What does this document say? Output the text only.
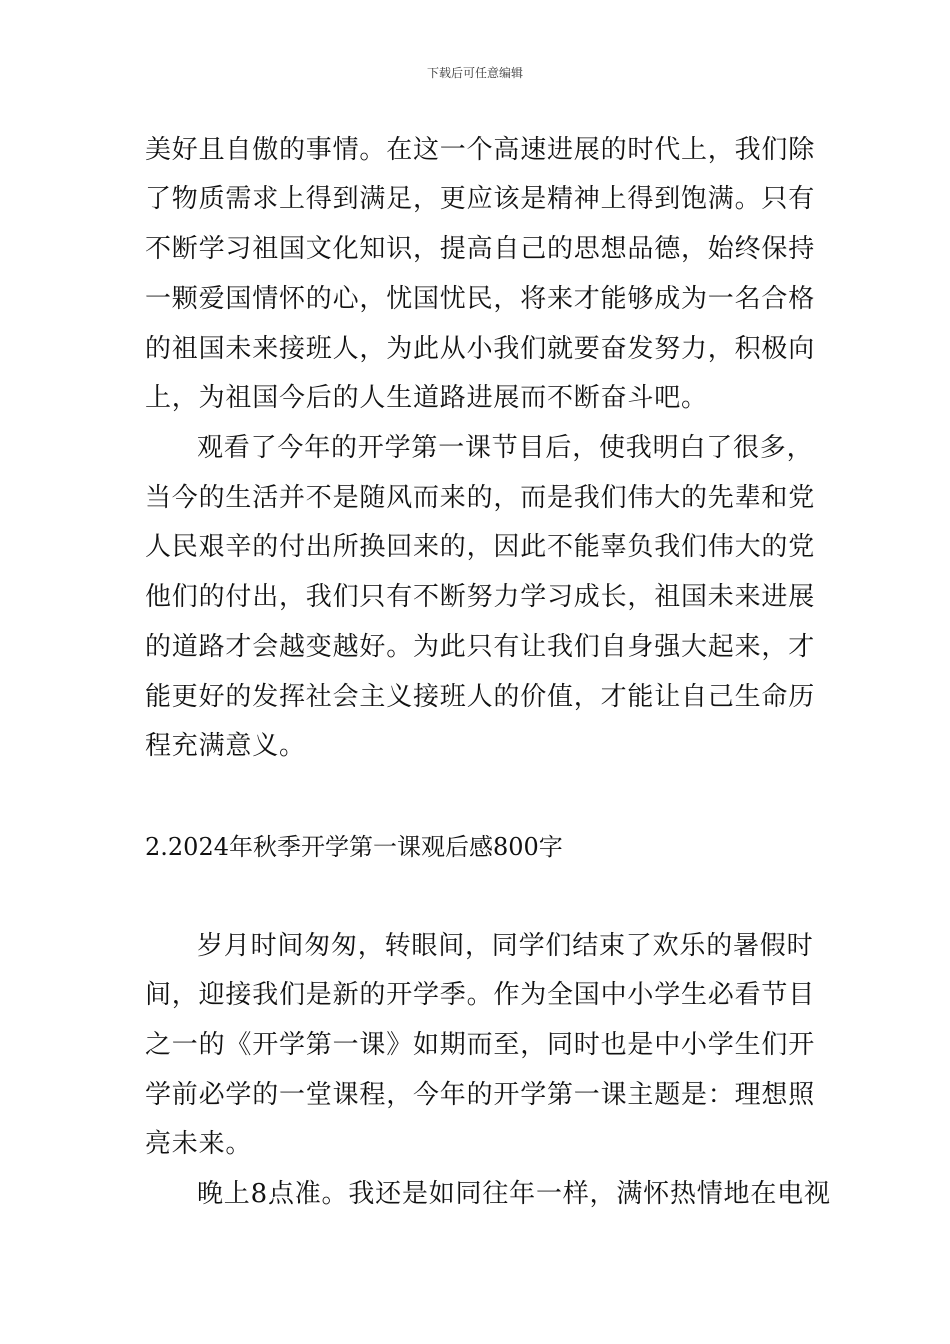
下载后可任意编辑
美好且自傲的事情。在这一个高速进展的时代上，我们除
了物质需求上得到满足，更应该是精神上得到饱满。只有
不断学习祖国文化知识，提高自己的思想品德，始终保持
一颗爱国情怀的心，忧国忧民，将来才能够成为一名合格
的祖国未来接班人，为此从小我们就要奋发努力，积极向
上，为祖国今后的人生道路进展而不断奋斗吧。
观看了今年的开学第一课节目后，使我明白了很多，
当今的生活并不是随风而来的，而是我们伟大的先辈和党
人民艰辛的付出所换回来的，因此不能辜负我们伟大的党
他们的付出，我们只有不断努力学习成长，祖国未来进展
的道路才会越变越好。为此只有让我们自身强大起来，才
能更好的发挥社会主义接班人的价值，才能让自己生命历
程充满意义。
2.2024年秋季开学第一课观后感800字
岁月时间匆匆，转眼间，同学们结束了欢乐的暑假时
间，迎接我们是新的开学季。作为全国中小学生必看节目
之一的《开学第一课》如期而至，同时也是中小学生们开
学前必学的一堂课程，今年的开学第一课主题是：理想照
亮未来。
晚上8点准。我还是如同往年一样，满怀热情地在电视
